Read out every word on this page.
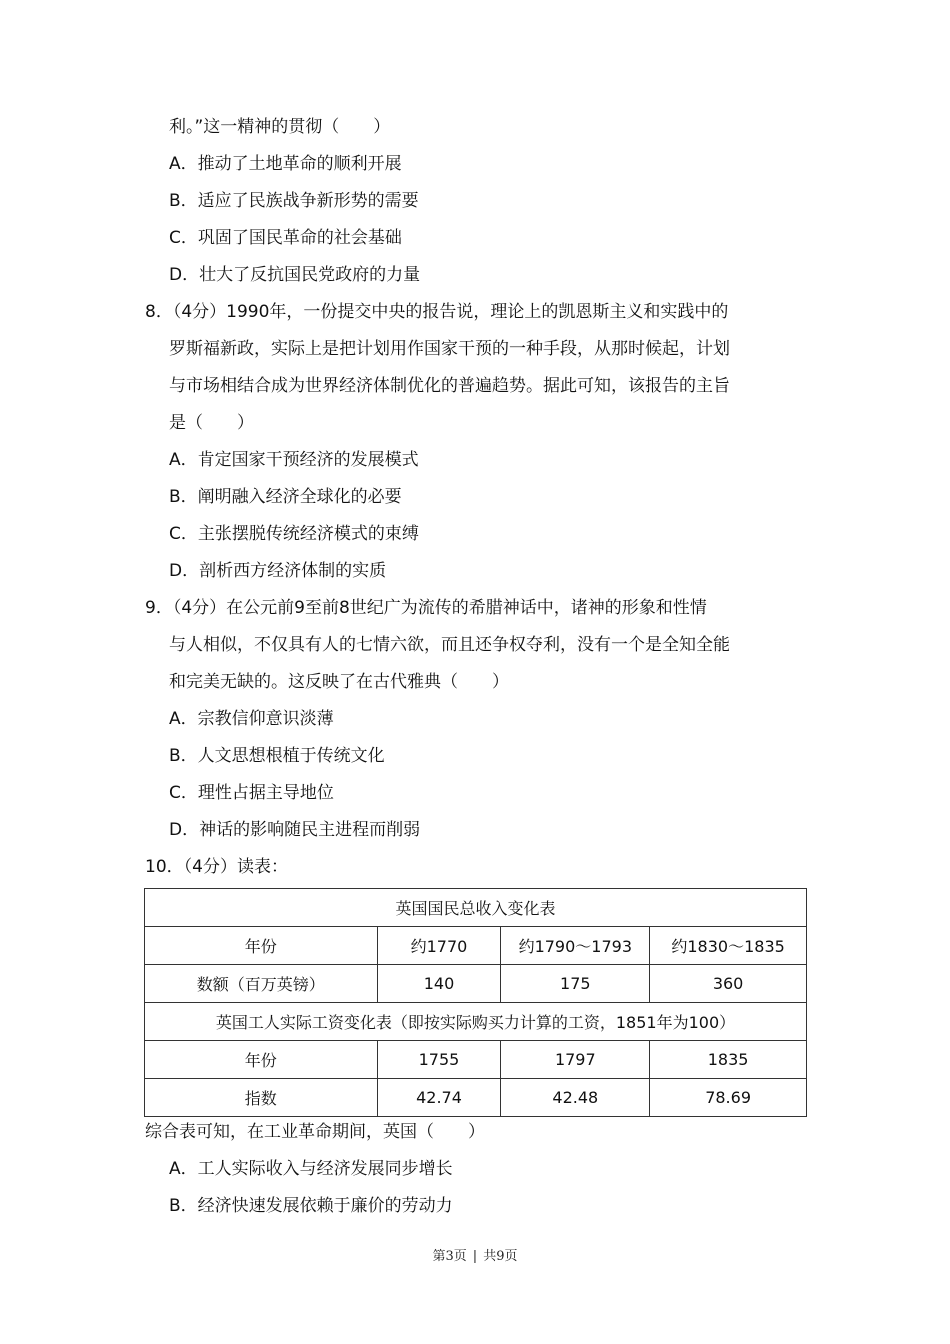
利。”这一精神的贯彻（　　）
A．推动了土地革命的顺利开展
B．适应了民族战争新形势的需要
C．巩固了国民革命的社会基础
D．壮大了反抗国民党政府的力量
8．（4分）1990年，一份提交中央的报告说，理论上的凯恩斯主义和实践中的
罗斯福新政，实际上是把计划用作国家干预的一种手段，从那时候起，计划
与市场相结合成为世界经济体制优化的普遍趋势。据此可知，该报告的主旨
是（　　）
A．肯定国家干预经济的发展模式
B．阐明融入经济全球化的必要
C．主张摆脱传统经济模式的束缚
D．剖析西方经济体制的实质
9．（4分）在公元前9至前8世纪广为流传的希腊神话中，诸神的形象和性情
与人相似，不仅具有人的七情六欲，而且还争权夺利，没有一个是全知全能
和完美无缺的。这反映了在古代雅典（　　）
A．宗教信仰意识淡薄
B．人文思想根植于传统文化
C．理性占据主导地位
D．神话的影响随民主进程而削弱
10．（4分）读表：
英国国民总收入变化表			
年份	约1770	约1790～1793	约1830～1835
数额（百万英镑）	140	175	360
英国工人实际工资变化表（即按实际购买力计算的工资，1851年为100）			
年份	1755	1797	1835
指数	42.74	42.48	78.69
综合表可知，在工业革命期间，英国（　　）
A．工人实际收入与经济发展同步增长
B．经济快速发展依赖于廉价的劳动力
第3页 | 共9页
